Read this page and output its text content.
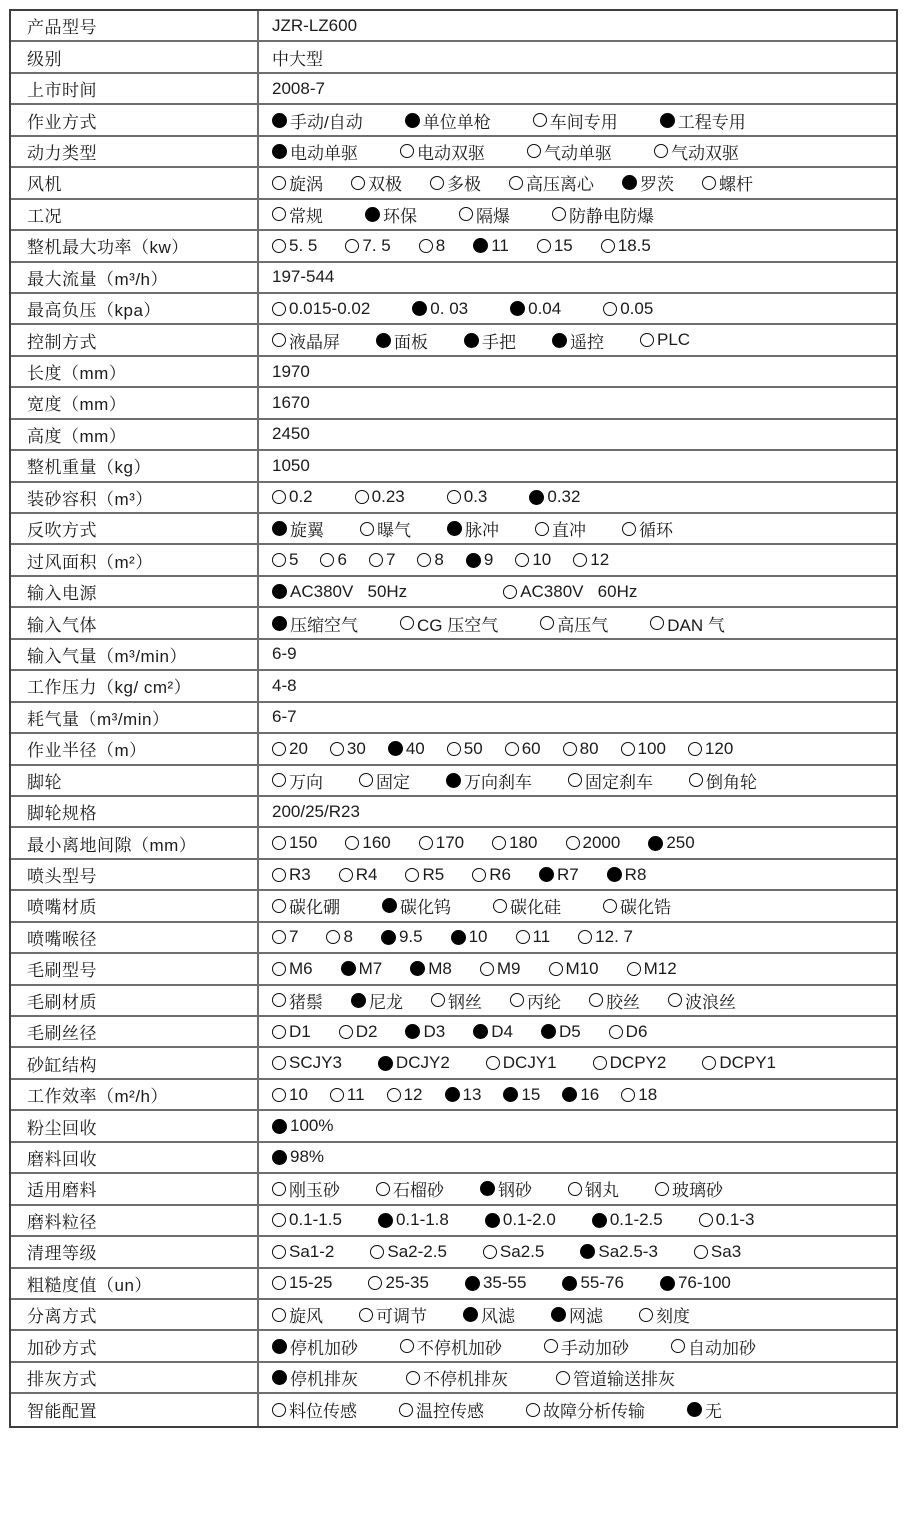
产品型号	JZR-LZ600
级别	中大型
上市时间	2008-7
作业方式	手动/自动	单位单枪	车间专用	工程专用
动力类型	电动单驱	电动双驱	气动单驱	气动双驱
风机	旋涡	双极	多极	高压离心	罗茨	螺杆
工况	常规	环保	隔爆	防静电防爆
整机最大功率（kw）	5. 5	7. 5	8	11	15	18.5
最大流量（m³/h）	197-544
最高负压（kpa）	0.015-0.02	0. 03	0.04	0.05
控制方式	液晶屏	面板	手把	遥控	PLC
长度（mm）	1970
宽度（mm）	1670
高度（mm）	2450
整机重量（kg）	1050
装砂容积（m³）	0.2	0.23	0.3	0.32
反吹方式	旋翼	曝气	脉冲	直冲	循环
过风面积（m²）	5 6 7 8 9 10 12
输入电源	AC380V   50Hz	AC380V   60Hz
输入气体	压缩空气	CG 压空气	高压气	DAN 气
输入气量（m³/min）	6-9
工作压力（kg/ cm²）	4-8
耗气量（m³/min）	6-7
作业半径（m）	20 30 40 50 60 80 100 120
脚轮	万向	固定	万向刹车	固定刹车	倒角轮
脚轮规格	200/25/R23
最小离地间隙（mm）	150	160	170	180	2000	250
喷头型号	R3	R4	R5	R6	R7	R8
喷嘴材质	碳化硼	碳化钨	碳化硅	碳化锆
喷嘴喉径	7	8	9.5	10	11	12. 7
毛刷型号	M6	M7	M8	M9	M10	M12
毛刷材质	猪鬃	尼龙	钢丝	丙纶	胶丝	波浪丝
毛刷丝径	D1	D2	D3	D4	D5	D6
砂缸结构	SCJY3	DCJY2	DCJY1	DCPY2	DCPY1
工作效率（m²/h）	10 11 12 13 15 16 18
粉尘回收	100%
磨料回收	98%
适用磨料	刚玉砂	石榴砂	钢砂	钢丸	玻璃砂
磨料粒径	0.1-1.5	0.1-1.8	0.1-2.0	0.1-2.5	0.1-3
清理等级	Sa1-2	Sa2-2.5	Sa2.5	Sa2.5-3	Sa3
粗糙度值（un）	15-25	25-35	35-55	55-76	76-100
分离方式	旋风	可调节	风滤	网滤	刻度
加砂方式	停机加砂	不停机加砂	手动加砂	自动加砂
排灰方式	停机排灰	不停机排灰	管道输送排灰
智能配置	料位传感	温控传感	故障分析传输	无
